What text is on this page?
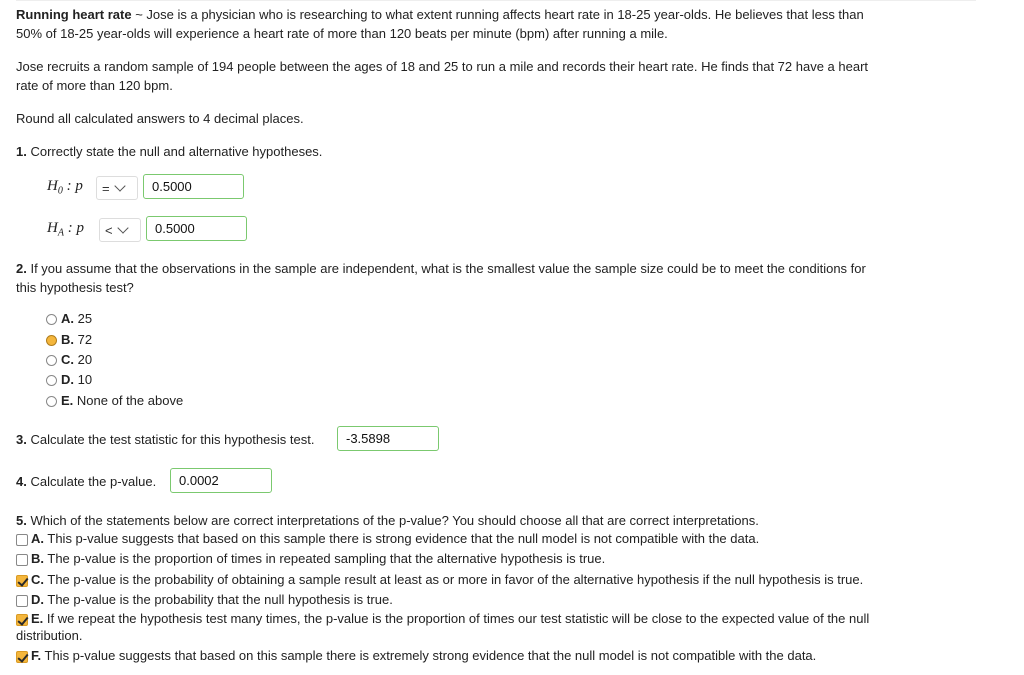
Running heart rate ~ Jose is a physician who is researching to what extent running affects heart rate in 18-25 year-olds. He believes that less than
50% of 18-25 year-olds will experience a heart rate of more than 120 beats per minute (bpm) after running a mile.
Jose recruits a random sample of 194 people between the ages of 18 and 25 to run a mile and records their heart rate. He finds that 72 have a heart
rate of more than 120 bpm.
Round all calculated answers to 4 decimal places.
1. Correctly state the null and alternative hypotheses.
$H_0$ : p =	0.5000
$H_A$ : p <	0.5000
2. If you assume that the observations in the sample are independent, what is the smallest value the sample size could be to meet the conditions for
this hypothesis test?
A. 25
B. 72
C. 20
D. 10
E. None of the above
3. Calculate the test statistic for this hypothesis test.	-3.5898
4. Calculate the p-value.	0.0002
5. Which of the statements below are correct interpretations of the p-value? You should choose all that are correct interpretations.
A. This p-value suggests that based on this sample there is strong evidence that the null model is not compatible with the data.
B. The p-value is the proportion of times in repeated sampling that the alternative hypothesis is true.
C. The p-value is the probability of obtaining a sample result at least as or more in favor of the alternative hypothesis if the null hypothesis is true.
D. The p-value is the probability that the null hypothesis is true.
E. If we repeat the hypothesis test many times, the p-value is the proportion of times our test statistic will be close to the expected value of the null
distribution.
F. This p-value suggests that based on this sample there is extremely strong evidence that the null model is not compatible with the data.
